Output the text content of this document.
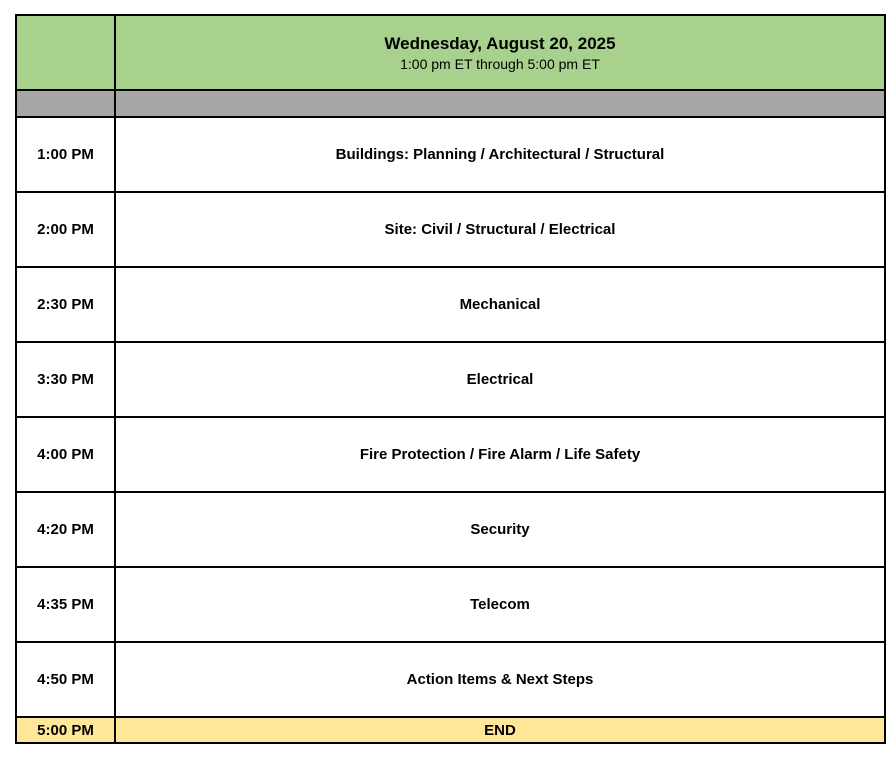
	Wednesday, August 20, 2025
1:00 pm ET through 5:00 pm ET

1:00 PM	Buildings: Planning / Architectural / Structural
2:00 PM	Site: Civil / Structural / Electrical
2:30 PM	Mechanical
3:30 PM	Electrical
4:00 PM	Fire Protection / Fire Alarm / Life Safety
4:20 PM	Security
4:35 PM	Telecom
4:50 PM	Action Items & Next Steps
5:00 PM	END
